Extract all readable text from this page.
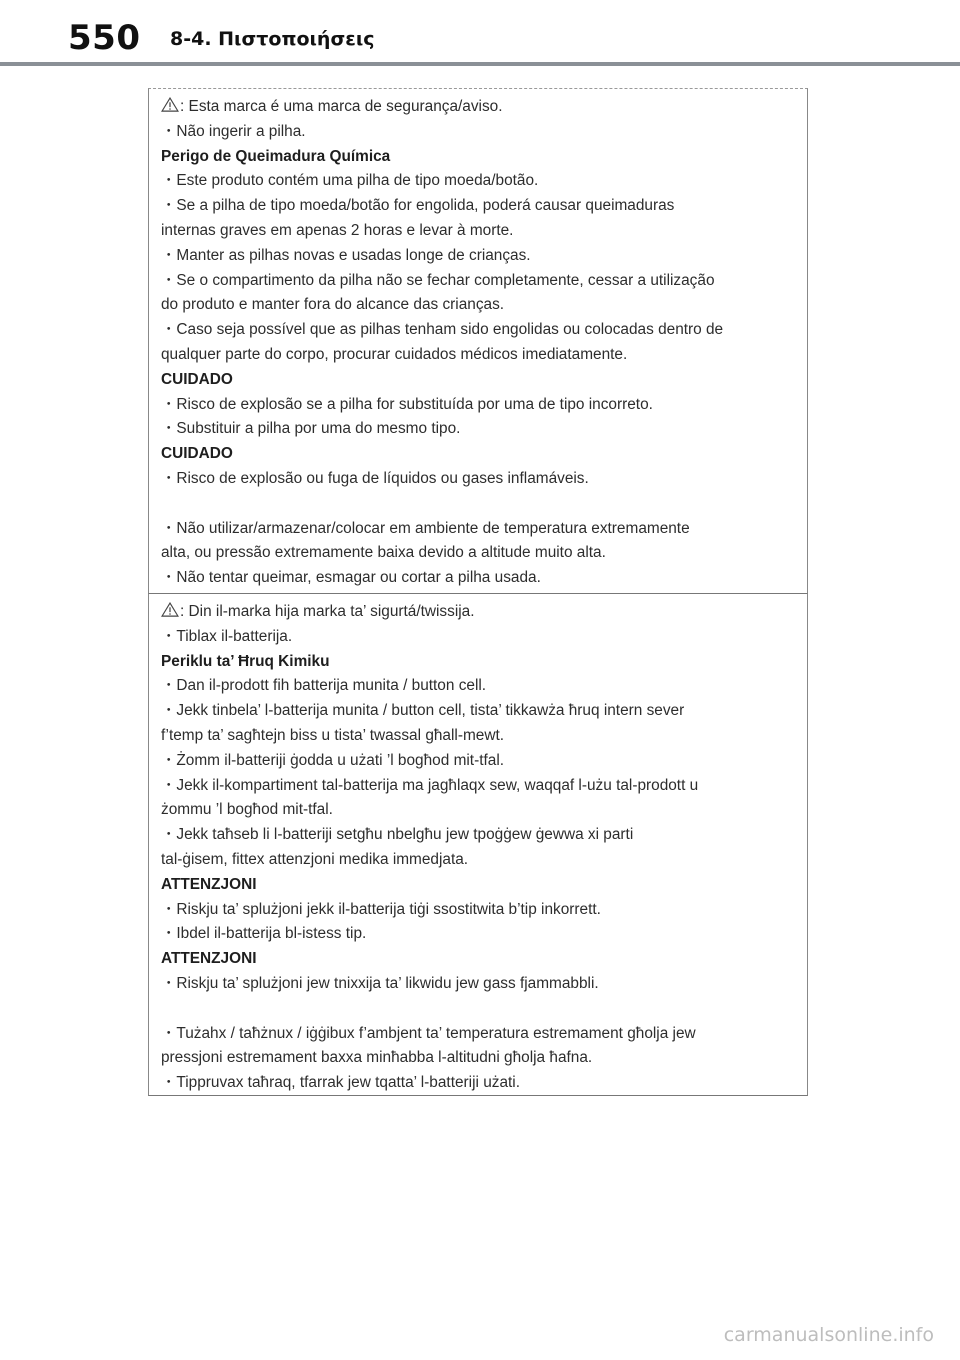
550 8-4. Πιστοποιήσεις
: Esta marca é uma marca de segurança/aviso.
・Não ingerir a pilha.
Perigo de Queimadura Química
・Este produto contém uma pilha de tipo moeda/botão.
・Se a pilha de tipo moeda/botão for engolida, poderá causar queimaduras
internas graves em apenas 2 horas e levar à morte.
・Manter as pilhas novas e usadas longe de crianças.
・Se o compartimento da pilha não se fechar completamente, cessar a utilização
do produto e manter fora do alcance das crianças.
・Caso seja possível que as pilhas tenham sido engolidas ou colocadas dentro de
qualquer parte do corpo, procurar cuidados médicos imediatamente.
CUIDADO
・Risco de explosão se a pilha for substituída por uma de tipo incorreto.
・Substituir a pilha por uma do mesmo tipo.
CUIDADO
・Risco de explosão ou fuga de líquidos ou gases inflamáveis.
・Não utilizar/armazenar/colocar em ambiente de temperatura extremamente
alta, ou pressão extremamente baixa devido a altitude muito alta.
・Não tentar queimar, esmagar ou cortar a pilha usada.
: Din il-marka hija marka ta’ sigurtá/twissija.
・Tiblax il-batterija.
Periklu ta’ Ħruq Kimiku
・Dan il-prodott fih batterija munita / button cell.
・Jekk tinbela’ l-batterija munita / button cell, tista’ tikkawża ħruq intern sever
f’temp ta’ sagħtejn biss u tista’ twassal għall-mewt.
・Żomm il-batteriji ġodda u użati ’l bogħod mit-tfal.
・Jekk il-kompartiment tal-batterija ma jagħlaqx sew, waqqaf l-użu tal-prodott u
żommu ’l bogħod mit-tfal.
・Jekk taħseb li l-batteriji setgħu nbelgħu jew tpoġġew ġewwa xi parti
tal-ġisem, fittex attenzjoni medika immedjata.
ATTENZJONI
・Riskju ta’ splużjoni jekk il-batterija tiġi ssostitwita b’tip inkorrett.
・Ibdel il-batterija bl-istess tip.
ATTENZJONI
・Riskju ta’ splużjoni jew tnixxija ta’ likwidu jew gass fjammabbli.
・Tużahx / taħżnux / iġġibux f’ambjent ta’ temperatura estremament għolja jew
pressjoni estremament baxxa minħabba l-altitudni għolja ħafna.
・Tippruvax taħraq, tfarrak jew tqatta’ l-batteriji użati.
carmanualsonline.info
